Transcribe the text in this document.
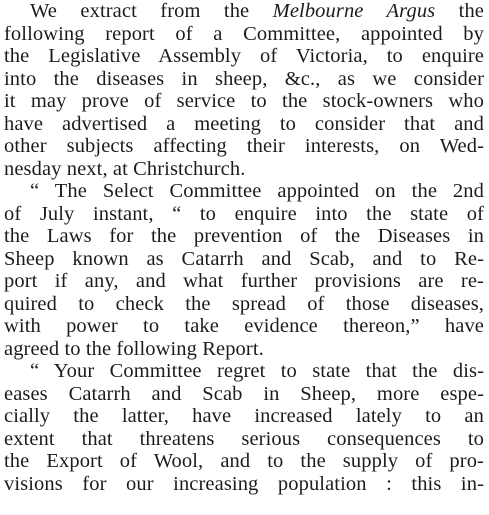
We extract from the Melbourne Argus the
following report of a Committee, appointed by
the Legislative Assembly of Victoria, to enquire
into the diseases in sheep, &c., as we consider
it may prove of service to the stock-owners who
have advertised a meeting to consider that and
other subjects affecting their interests, on Wed-
nesday next, at Christchurch.
“ The Select Committee appointed on the 2nd
of July instant, “ to enquire into the state of
the Laws for the prevention of the Diseases in
Sheep known as Catarrh and Scab, and to Re-
port if any, and what further provisions are re-
quired to check the spread of those diseases,
with power to take evidence thereon,” have
agreed to the following Report.
“ Your Committee regret to state that the dis-
eases Catarrh and Scab in Sheep, more espe-
cially the latter, have increased lately to an
extent that threatens serious consequences to
the Export of Wool, and to the supply of pro-
visions for our increasing population : this in-
